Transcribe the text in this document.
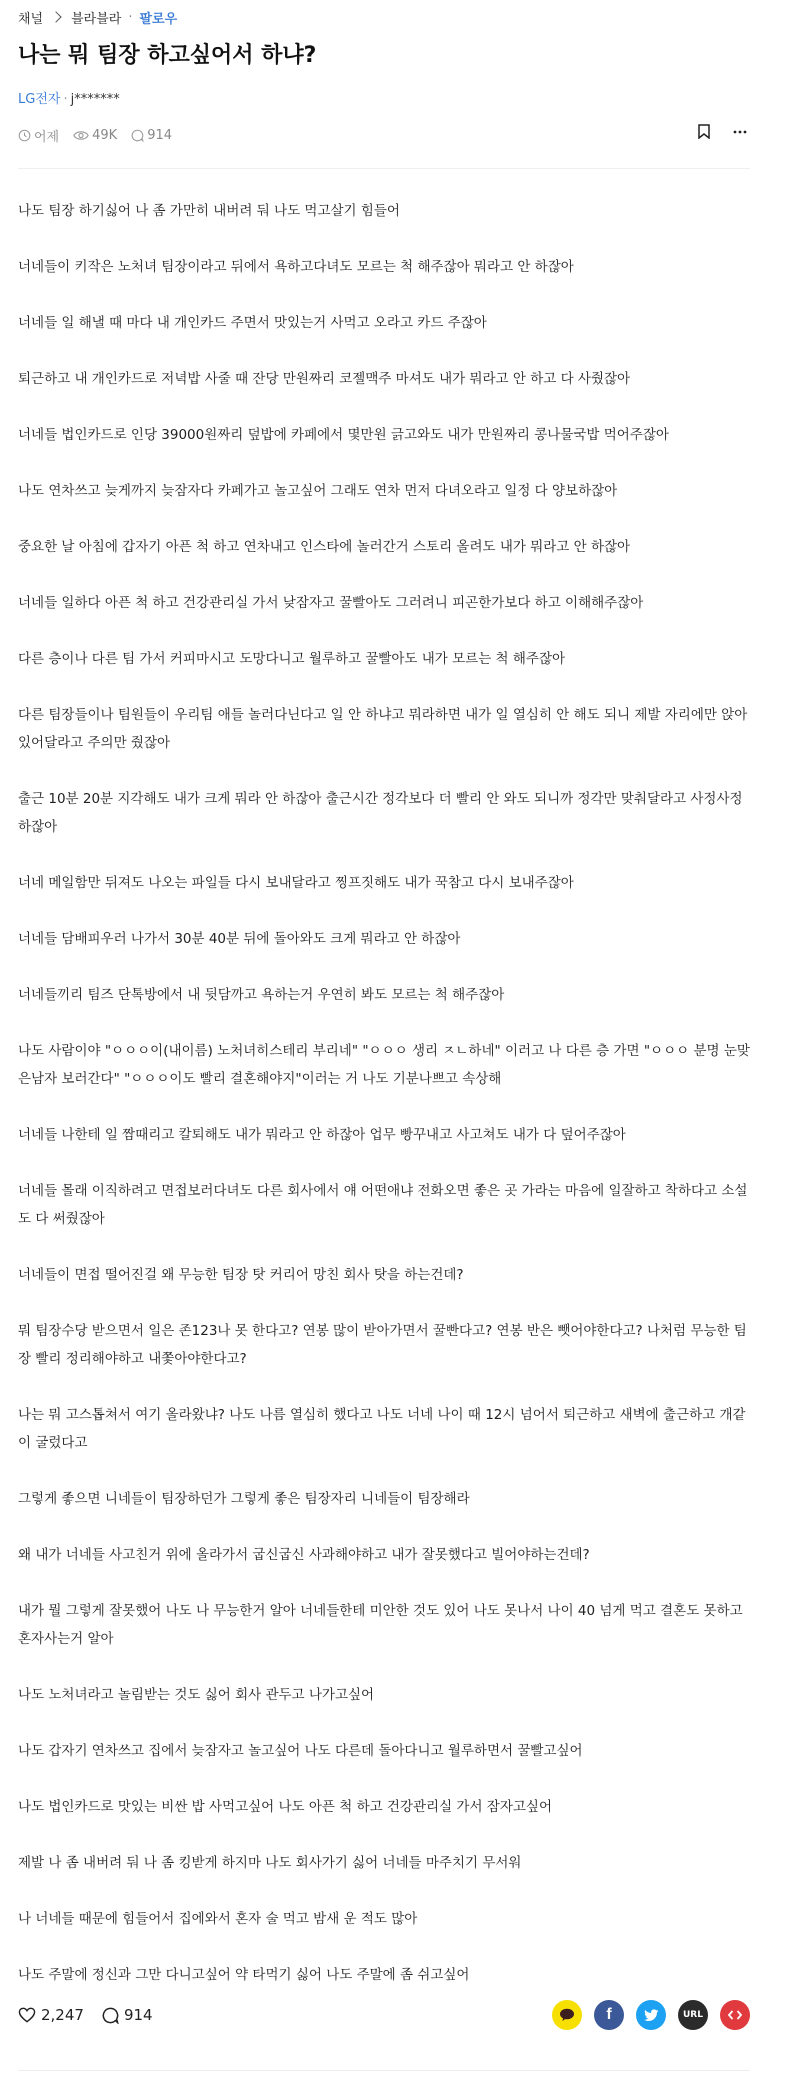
채널 블라블라 · 팔로우
나는 뭐 팀장 하고싶어서 하냐?
LG전자 · j*******
어제	49K 914

나도 팀장 하기싫어 나 좀 가만히 내버려 둬 나도 먹고살기 힘들어

너네들이 키작은 노처녀 팀장이라고 뒤에서 욕하고다녀도 모르는 척 해주잖아 뭐라고 안 하잖아

너네들 일 해낼 때 마다 내 개인카드 주면서 맛있는거 사먹고 오라고 카드 주잖아

퇴근하고 내 개인카드로 저녁밥 사줄 때 잔당 만원짜리 코젤맥주 마셔도 내가 뭐라고 안 하고 다 사줬잖아

너네들 법인카드로 인당 39000원짜리 덮밥에 카페에서 몇만원 긁고와도 내가 만원짜리 콩나물국밥 먹어주잖아

나도 연차쓰고 늦게까지 늦잠자다 카페가고 놀고싶어 그래도 연차 먼저 다녀오라고 일정 다 양보하잖아

중요한 날 아침에 갑자기 아픈 척 하고 연차내고 인스타에 놀러간거 스토리 올려도 내가 뭐라고 안 하잖아

너네들 일하다 아픈 척 하고 건강관리실 가서 낮잠자고 꿀빨아도 그러려니 피곤한가보다 하고 이해해주잖아

다른 층이나 다른 팀 가서 커피마시고 도망다니고 월루하고 꿀빨아도 내가 모르는 척 해주잖아

다른 팀장들이나 팀원들이 우리팀 애들 놀러다닌다고 일 안 하냐고 뭐라하면 내가 일 열심히 안 해도 되니 제발 자리에만 앉아있어달라고 주의만 줬잖아

출근 10분 20분 지각해도 내가 크게 뭐라 안 하잖아 출근시간 정각보다 더 빨리 안 와도 되니까 정각만 맞춰달라고 사정사정하잖아

너네 메일함만 뒤져도 나오는 파일들 다시 보내달라고 찡프짓해도 내가 꾹참고 다시 보내주잖아

너네들 담배피우러 나가서 30분 40분 뒤에 돌아와도 크게 뭐라고 안 하잖아

너네들끼리 팀즈 단톡방에서 내 뒷담까고 욕하는거 우연히 봐도 모르는 척 해주잖아

나도 사람이야 "ㅇㅇㅇ이(내이름) 노처녀히스테리 부리네" "ㅇㅇㅇ 생리 ㅈㄴ하네" 이러고 나 다른 층 가면 "ㅇㅇㅇ 분명 눈맞은남자 보러간다" "ㅇㅇㅇ이도 빨리 결혼해야지"이러는 거 나도 기분나쁘고 속상해

너네들 나한테 일 짬때리고 칼퇴해도 내가 뭐라고 안 하잖아 업무 빵꾸내고 사고쳐도 내가 다 덮어주잖아

너네들 몰래 이직하려고 면접보러다녀도 다른 회사에서 얘 어떤애냐 전화오면 좋은 곳 가라는 마음에 일잘하고 착하다고 소설도 다 써줬잖아

너네들이 면접 떨어진걸 왜 무능한 팀장 탓 커리어 망친 회사 탓을 하는건데?

뭐 팀장수당 받으면서 일은 존123나 못 한다고? 연봉 많이 받아가면서 꿀빤다고? 연봉 반은 뺏어야한다고? 나처럼 무능한 팀장 빨리 정리해야하고 내쫓아야한다고?

나는 뭐 고스톱쳐서 여기 올라왔냐? 나도 나름 열심히 했다고 나도 너네 나이 때 12시 넘어서 퇴근하고 새벽에 출근하고 개같이 굴렀다고

그렇게 좋으면 니네들이 팀장하던가 그렇게 좋은 팀장자리 니네들이 팀장해라

왜 내가 너네들 사고친거 위에 올라가서 굽신굽신 사과해야하고 내가 잘못했다고 빌어야하는건데?

내가 뭘 그렇게 잘못했어 나도 나 무능한거 알아 너네들한테 미안한 것도 있어 나도 못나서 나이 40 넘게 먹고 결혼도 못하고 혼자사는거 알아

나도 노처녀라고 놀림받는 것도 싫어 회사 관두고 나가고싶어

나도 갑자기 연차쓰고 집에서 늦잠자고 놀고싶어 나도 다른데 돌아다니고 월루하면서 꿀빨고싶어

나도 법인카드로 맛있는 비싼 밥 사먹고싶어 나도 아픈 척 하고 건강관리실 가서 잠자고싶어

제발 나 좀 내버려 둬 나 좀 킹받게 하지마 나도 회사가기 싫어 너네들 마주치기 무서워

나 너네들 때문에 힘들어서 집에와서 혼자 술 먹고 밤새 운 적도 많아

나도 주말에 정신과 그만 다니고싶어 약 타먹기 싫어 나도 주말에 좀 쉬고싶어

2,247	914	f	URL
